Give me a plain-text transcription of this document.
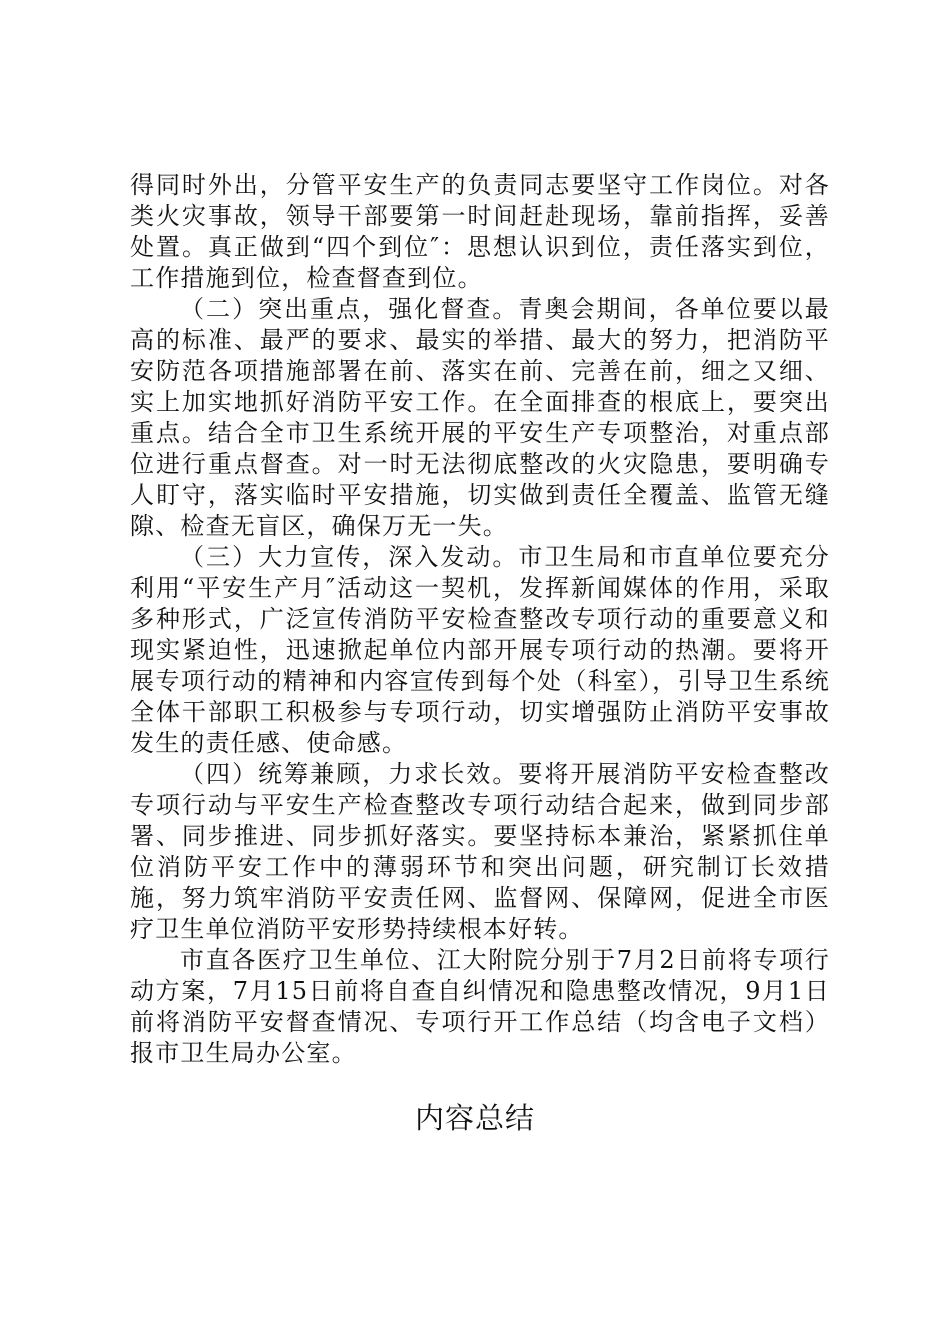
得同时外出，分管平安生产的负责同志要坚守工作岗位。对各类火灾事故，领导干部要第一时间赶赴现场，靠前指挥，妥善处置。真正做到“四个到位″：思想认识到位，责任落实到位，工作措施到位，检查督查到位。

（二）突出重点，强化督查。青奥会期间，各单位要以最高的标准、最严的要求、最实的举措、最大的努力，把消防平安防范各项措施部署在前、落实在前、完善在前，细之又细、实上加实地抓好消防平安工作。在全面排查的根底上，要突出重点。结合全市卫生系统开展的平安生产专项整治，对重点部位进行重点督查。对一时无法彻底整改的火灾隐患，要明确专人盯守，落实临时平安措施，切实做到责任全覆盖、监管无缝隙、检查无盲区，确保万无一失。

（三）大力宣传，深入发动。市卫生局和市直单位要充分利用“平安生产月″活动这一契机，发挥新闻媒体的作用，采取多种形式，广泛宣传消防平安检查整改专项行动的重要意义和现实紧迫性，迅速掀起单位内部开展专项行动的热潮。要将开展专项行动的精神和内容宣传到每个处（科室），引导卫生系统全体干部职工积极参与专项行动，切实增强防止消防平安事故发生的责任感、使命感。

（四）统筹兼顾，力求长效。要将开展消防平安检查整改专项行动与平安生产检查整改专项行动结合起来，做到同步部署、同步推进、同步抓好落实。要坚持标本兼治，紧紧抓住单位消防平安工作中的薄弱环节和突出问题，研究制订长效措施，努力筑牢消防平安责任网、监督网、保障网，促进全市医疗卫生单位消防平安形势持续根本好转。

市直各医疗卫生单位、江大附院分别于7月2日前将专项行动方案，7月15日前将自查自纠情况和隐患整改情况，9月1日前将消防平安督查情况、专项行开工作总结（均含电子文档）报市卫生局办公室。

内容总结
